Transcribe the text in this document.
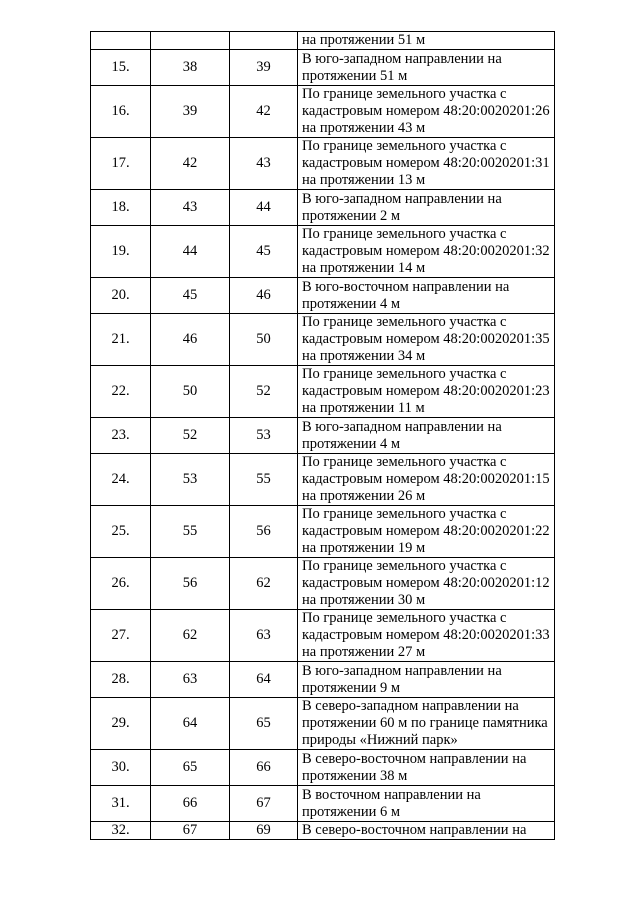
			на протяжении 51 м
15.	38	39	В юго-западном направлении на протяжении 51 м
16.	39	42	По границе земельного участка с кадастровым номером 48:20:0020201:26 на протяжении 43 м
17.	42	43	По границе земельного участка с кадастровым номером 48:20:0020201:31 на протяжении 13 м
18.	43	44	В юго-западном направлении на протяжении 2 м
19.	44	45	По границе земельного участка с кадастровым номером 48:20:0020201:32 на протяжении 14 м
20.	45	46	В юго-восточном направлении на протяжении 4 м
21.	46	50	По границе земельного участка с кадастровым номером 48:20:0020201:35 на протяжении 34 м
22.	50	52	По границе земельного участка с кадастровым номером 48:20:0020201:23 на протяжении 11 м
23.	52	53	В юго-западном направлении на протяжении 4 м
24.	53	55	По границе земельного участка с кадастровым номером 48:20:0020201:15 на протяжении 26 м
25.	55	56	По границе земельного участка с кадастровым номером 48:20:0020201:22 на протяжении 19 м
26.	56	62	По границе земельного участка с кадастровым номером 48:20:0020201:12 на протяжении 30 м
27.	62	63	По границе земельного участка с кадастровым номером 48:20:0020201:33 на протяжении 27 м
28.	63	64	В юго-западном направлении на протяжении 9 м
29.	64	65	В северо-западном направлении на протяжении 60 м по границе памятника природы «Нижний парк»
30.	65	66	В северо-восточном направлении на протяжении 38 м
31.	66	67	В восточном направлении на протяжении 6 м
32.	67	69	В северо-восточном направлении на
